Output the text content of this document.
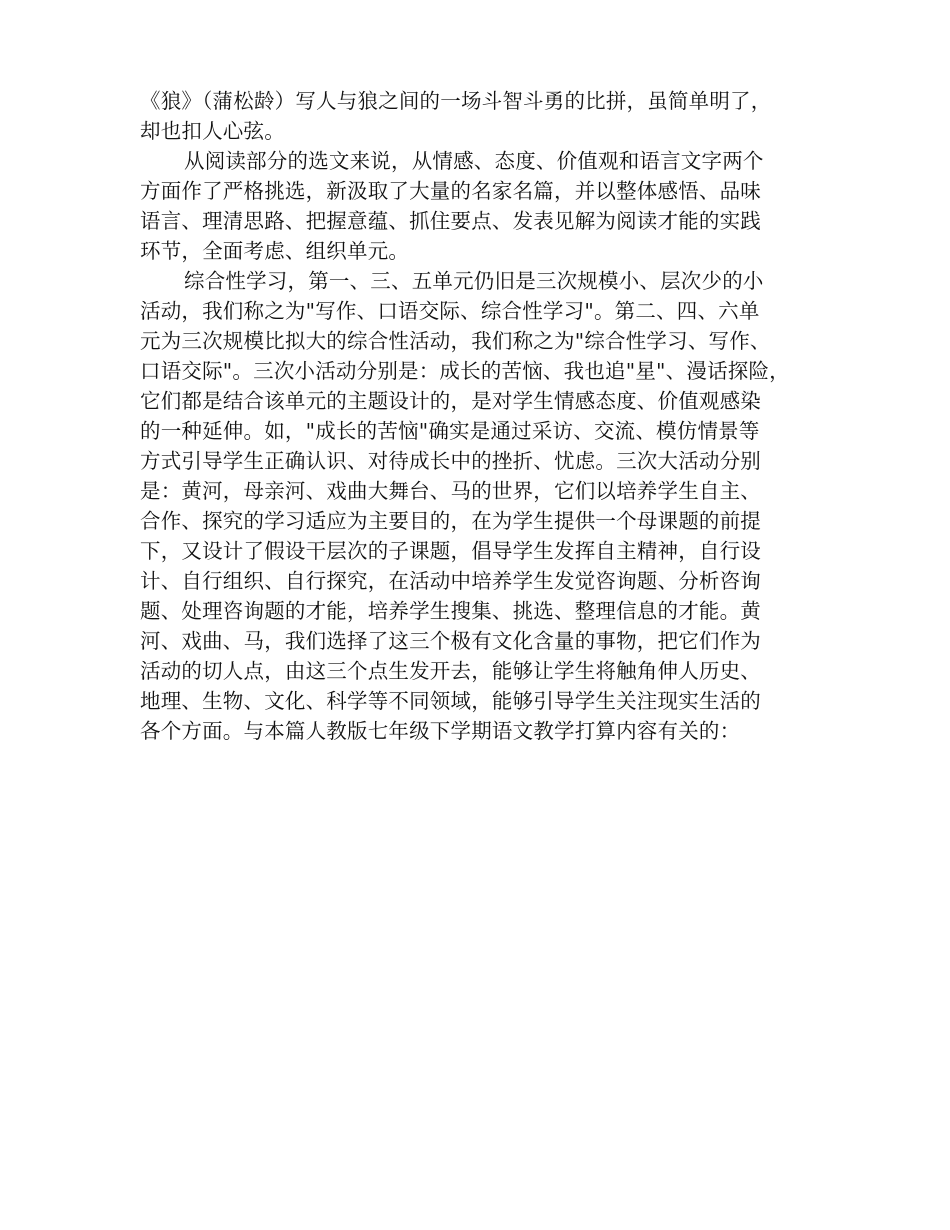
《狼》（蒲松龄）写人与狼之间的一场斗智斗勇的比拼，虽简单明了，

却也扣人心弦。

从阅读部分的选文来说，从情感、态度、价值观和语言文字两个

方面作了严格挑选，新汲取了大量的名家名篇，并以整体感悟、品味

语言、理清思路、把握意蕴、抓住要点、发表见解为阅读才能的实践

环节，全面考虑、组织单元。

综合性学习，第一、三、五单元仍旧是三次规模小、层次少的小

活动，我们称之为"写作、口语交际、综合性学习"。第二、四、六单

元为三次规模比拟大的综合性活动，我们称之为"综合性学习、写作、

口语交际"。三次小活动分别是：成长的苦恼、我也追"星"、漫话探险，

它们都是结合该单元的主题设计的，是对学生情感态度、价值观感染

的一种延伸。如，"成长的苦恼"确实是通过采访、交流、模仿情景等

方式引导学生正确认识、对待成长中的挫折、忧虑。三次大活动分别

是：黄河，母亲河、戏曲大舞台、马的世界，它们以培养学生自主、

合作、探究的学习适应为主要目的，在为学生提供一个母课题的前提

下，又设计了假设干层次的子课题，倡导学生发挥自主精神，自行设

计、自行组织、自行探究，在活动中培养学生发觉咨询题、分析咨询

题、处理咨询题的才能，培养学生搜集、挑选、整理信息的才能。黄

河、戏曲、马，我们选择了这三个极有文化含量的事物，把它们作为

活动的切人点，由这三个点生发开去，能够让学生将触角伸人历史、

地理、生物、文化、科学等不同领域，能够引导学生关注现实生活的

各个方面。与本篇人教版七年级下学期语文教学打算内容有关的：
